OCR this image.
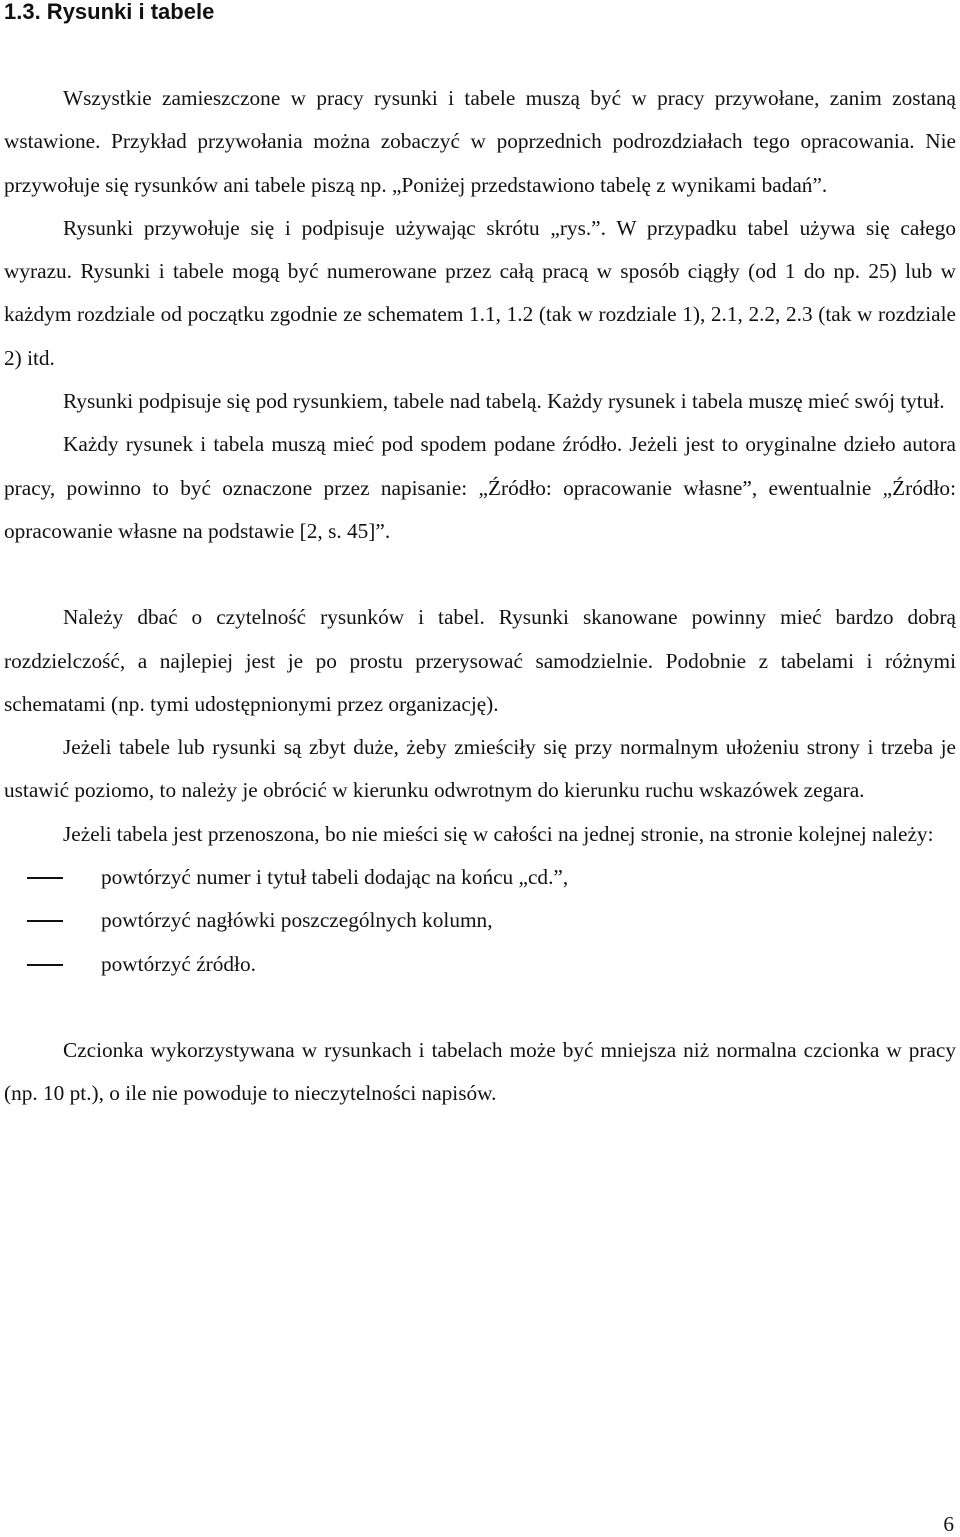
1.3. Rysunki i tabele

Wszystkie zamieszczone w pracy rysunki i tabele muszą być w pracy przywołane, zanim zostaną wstawione. Przykład przywołania można zobaczyć w poprzednich podrozdziałach tego opracowania. Nie przywołuje się rysunków ani tabele piszą np. „Poniżej przedstawiono tabelę z wynikami badań”.

Rysunki przywołuje się i podpisuje używając skrótu „rys.”. W przypadku tabel używa się całego wyrazu. Rysunki i tabele mogą być numerowane przez całą pracą w sposób ciągły (od 1 do np. 25) lub w każdym rozdziale od początku zgodnie ze schematem 1.1, 1.2 (tak w rozdziale 1), 2.1, 2.2, 2.3 (tak w rozdziale 2) itd.

Rysunki podpisuje się pod rysunkiem, tabele nad tabelą. Każdy rysunek i tabela muszę mieć swój tytuł.

Każdy rysunek i tabela muszą mieć pod spodem podane źródło. Jeżeli jest to oryginalne dzieło autora pracy, powinno to być oznaczone przez napisanie: „Źródło: opracowanie własne”, ewentualnie „Źródło: opracowanie własne na podstawie [2, s. 45]”.

Należy dbać o czytelność rysunków i tabel. Rysunki skanowane powinny mieć bardzo dobrą rozdzielczość, a najlepiej jest je po prostu przerysować samodzielnie. Podobnie z tabelami i różnymi schematami (np. tymi udostępnionymi przez organizację).

Jeżeli tabele lub rysunki są zbyt duże, żeby zmieściły się przy normalnym ułożeniu strony i trzeba je ustawić poziomo, to należy je obrócić w kierunku odwrotnym do kierunku ruchu wskazówek zegara.

Jeżeli tabela jest przenoszona, bo nie mieści się w całości na jednej stronie, na stronie kolejnej należy:

powtórzyć numer i tytuł tabeli dodając na końcu „cd.”,
powtórzyć nagłówki poszczególnych kolumn,
powtórzyć źródło.

Czcionka wykorzystywana w rysunkach i tabelach może być mniejsza niż normalna czcionka w pracy (np. 10 pt.), o ile nie powoduje to nieczytelności napisów.

6
